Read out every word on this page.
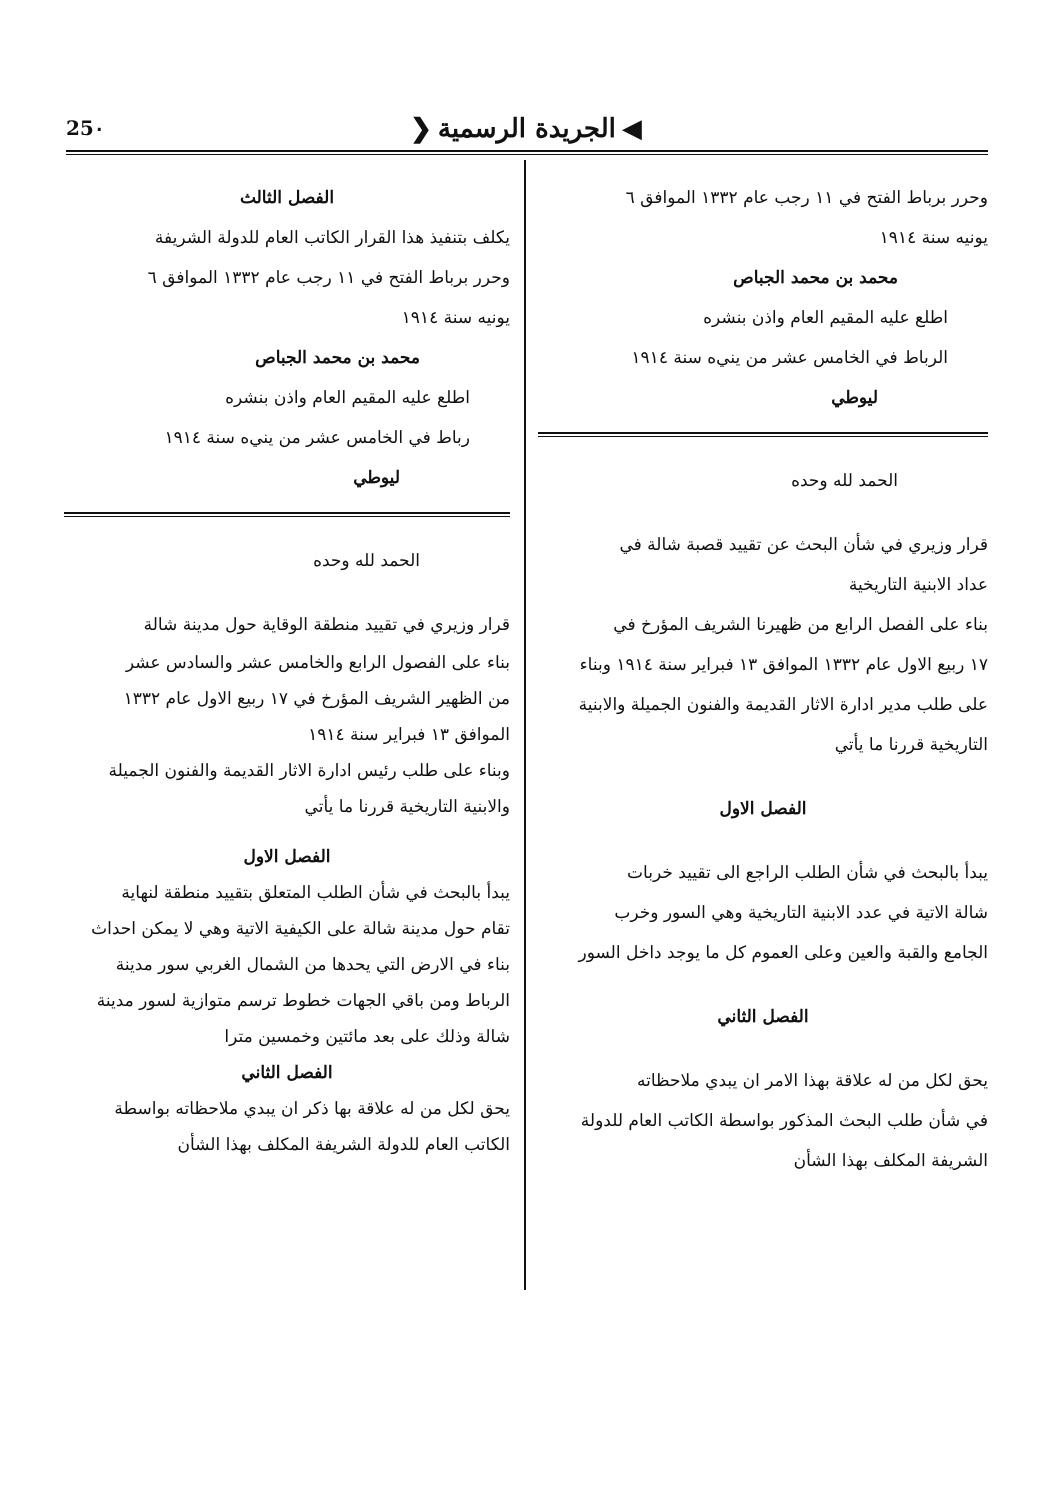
25٠	◀الجريدة الرسمية❮

وحرر برباط الفتح في ١١ رجب عام ١٣٣٢ الموافق ٦

يونيه سنة ١٩١٤

محمد بن محمد الجباص

اطلع عليه المقيم العام واذن بنشره

الرباط في الخامس عشر من يني‌ه سنة ١٩١٤

ليوطي

الحمد لله وحده

قرار وزيري في شأن البحث عن تقييد قصبة شالة في

عداد الابنية التاريخية

بناء على الفصل الرابع من ظهيرنا الشريف المؤرخ في

١٧ ربيع الاول عام ١٣٣٢ الموافق ١٣ فبراير سنة ١٩١٤ وبناء

على طلب مدير ادارة الاثار القديمة والفنون الجميلة والابنية

التاريخية قررنا ما يأتي

الفصل الاول

يبدأ بالبحث في شأن الطلب الراجع الى تقييد خربات

شالة الاتية في عدد الابنية التاريخية وهي السور وخرب

الجامع والقبة والعين وعلى العموم كل ما يوجد داخل السور

الفصل الثاني

يحق لكل من له علاقة بهذا الامر ان يبدي ملاحظاته

في شأن طلب البحث المذكور بواسطة الكاتب العام للدولة

الشريفة المكلف بهذا الشأن

الفصل الثالث

يكلف بتنفيذ هذا القرار الكاتب العام للدولة الشريفة

وحرر برباط الفتح في ١١ رجب عام ١٣٣٢ الموافق ٦

يونيه سنة ١٩١٤

محمد بن محمد الجباص

اطلع عليه المقيم العام واذن بنشره

رباط في الخامس عشر من يني‌ه سنة ١٩١٤

ليوطي

الحمد لله وحده

قرار وزيري في تقييد منطقة الوقاية حول مدينة شالة

بناء على الفصول الرابع والخامس عشر والسادس عشر

من الظهير الشريف المؤرخ في ١٧ ربيع الاول عام ١٣٣٢

الموافق ١٣ فبراير سنة ١٩١٤

وبناء على طلب رئيس ادارة الاثار القديمة والفنون الجميلة

والابنية التاريخية قررنا ما يأتي

الفصل الاول

يبدأ بالبحث في شأن الطلب المتعلق بتقييد منطقة لنهاية

تقام حول مدينة شالة على الكيفية الاتية وهي لا يمكن احداث

بناء في الارض التي يحدها من الشمال الغربي سور مدينة

الرباط ومن باقي الجهات خطوط ترسم متوازية لسور مدينة

شالة وذلك على بعد مائتين وخمسين مترا

الفصل الثاني

يحق لكل من له علاقة بها ذكر ان يبدي ملاحظاته بواسطة

الكاتب العام للدولة الشريفة المكلف بهذا الشأن
